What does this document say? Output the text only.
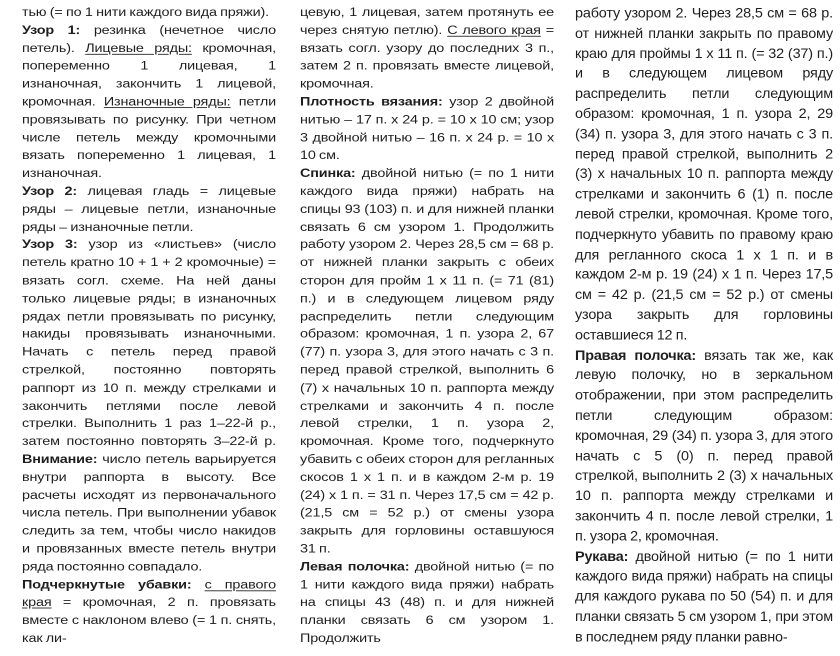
тью (= по 1 нити каждого вида пряжи).

Узор 1: резинка (нечетное число петель). Лицевые ряды: кромочная, попеременно 1 лицевая, 1 изнаночная, закончить 1 лицевой, кромочная. Изнаночные ряды: петли провязывать по рисунку. При четном числе петель между кромочными вязать попеременно 1 лицевая, 1 изнаночная.

Узор 2: лицевая гладь = лицевые ряды – лицевые петли, изнаночные ряды – изнаночные петли.

Узор 3: узор из «листьев» (число петель кратно 10 + 1 + 2 кромочные) = вязать согл. схеме. На ней даны только лицевые ряды; в изнаночных рядах петли провязывать по рисунку, накиды провязывать изнаночными. Начать с петель перед правой стрелкой, постоянно повторять раппорт из 10 п. между стрелками и закончить петлями после левой стрелки. Выполнить 1 раз 1–22-й р., затем постоянно повторять 3–22-й р. Внимание: число петель варьируется внутри раппорта в высоту. Все расчеты исходят из первоначального числа петель. При выполнении убавок следить за тем, чтобы число накидов и провязанных вместе петель внутри ряда постоянно совпадало.

Подчеркнутые убавки: с правого края = кромочная, 2 п. провязать вместе с наклоном влево (= 1 п. снять, как ли-

цевую, 1 лицевая, затем протянуть ее через снятую петлю). С левого края = вязать согл. узору до последних 3 п., затем 2 п. провязать вместе лицевой, кромочная.

Плотность вязания: узор 2 двойной нитью – 17 п. х 24 р. = 10 х 10 см; узор 3 двойной нитью – 16 п. х 24 р. = 10 х 10 см.

Спинка: двойной нитью (= по 1 нити каждого вида пряжи) набрать на спицы 93 (103) п. и для нижней планки связать 6 см узором 1. Продолжить работу узором 2. Через 28,5 см = 68 р. от нижней планки закрыть с обеих сторон для пройм 1 х 11 п. (= 71 (81) п.) и в следующем лицевом ряду распределить петли следующим образом: кромочная, 1 п. узора 2, 67 (77) п. узора 3, для этого начать с 3 п. перед правой стрелкой, выполнить 6 (7) х начальных 10 п. раппорта между стрелками и закончить 4 п. после левой стрелки, 1 п. узора 2, кромочная. Кроме того, подчеркнуто убавить с обеих сторон для регланных скосов 1 х 1 п. и в каждом 2-м р. 19 (24) х 1 п. = 31 п. Через 17,5 см = 42 р. (21,5 см = 52 р.) от смены узора закрыть для горловины оставшуюся 31 п.

Левая полочка: двойной нитью (= по 1 нити каждого вида пряжи) набрать на спицы 43 (48) п. и для нижней планки связать 6 см узором 1. Продолжить

работу узором 2. Через 28,5 см = 68 р. от нижней планки закрыть по правому краю для проймы 1 х 11 п. (= 32 (37) п.) и в следующем лицевом ряду распределить петли следующим образом: кромочная, 1 п. узора 2, 29 (34) п. узора 3, для этого начать с 3 п. перед правой стрелкой, выполнить 2 (3) х начальных 10 п. раппорта между стрелками и закончить 6 (1) п. после левой стрелки, кромочная. Кроме того, подчеркнуто убавить по правому краю для регланного скоса 1 х 1 п. и в каждом 2-м р. 19 (24) х 1 п. Через 17,5 см = 42 р. (21,5 см = 52 р.) от смены узора закрыть для горловины оставшиеся 12 п.

Правая полочка: вязать так же, как левую полочку, но в зеркальном отображении, при этом распределить петли следующим образом: кромочная, 29 (34) п. узора 3, для этого начать с 5 (0) п. перед правой стрелкой, выполнить 2 (3) х начальных 10 п. раппорта между стрелками и закончить 4 п. после левой стрелки, 1 п. узора 2, кромочная.

Рукава: двойной нитью (= по 1 нити каждого вида пряжи) набрать на спицы для каждого рукава по 50 (54) п. и для планки связать 5 см узором 1, при этом в последнем ряду планки равно-
